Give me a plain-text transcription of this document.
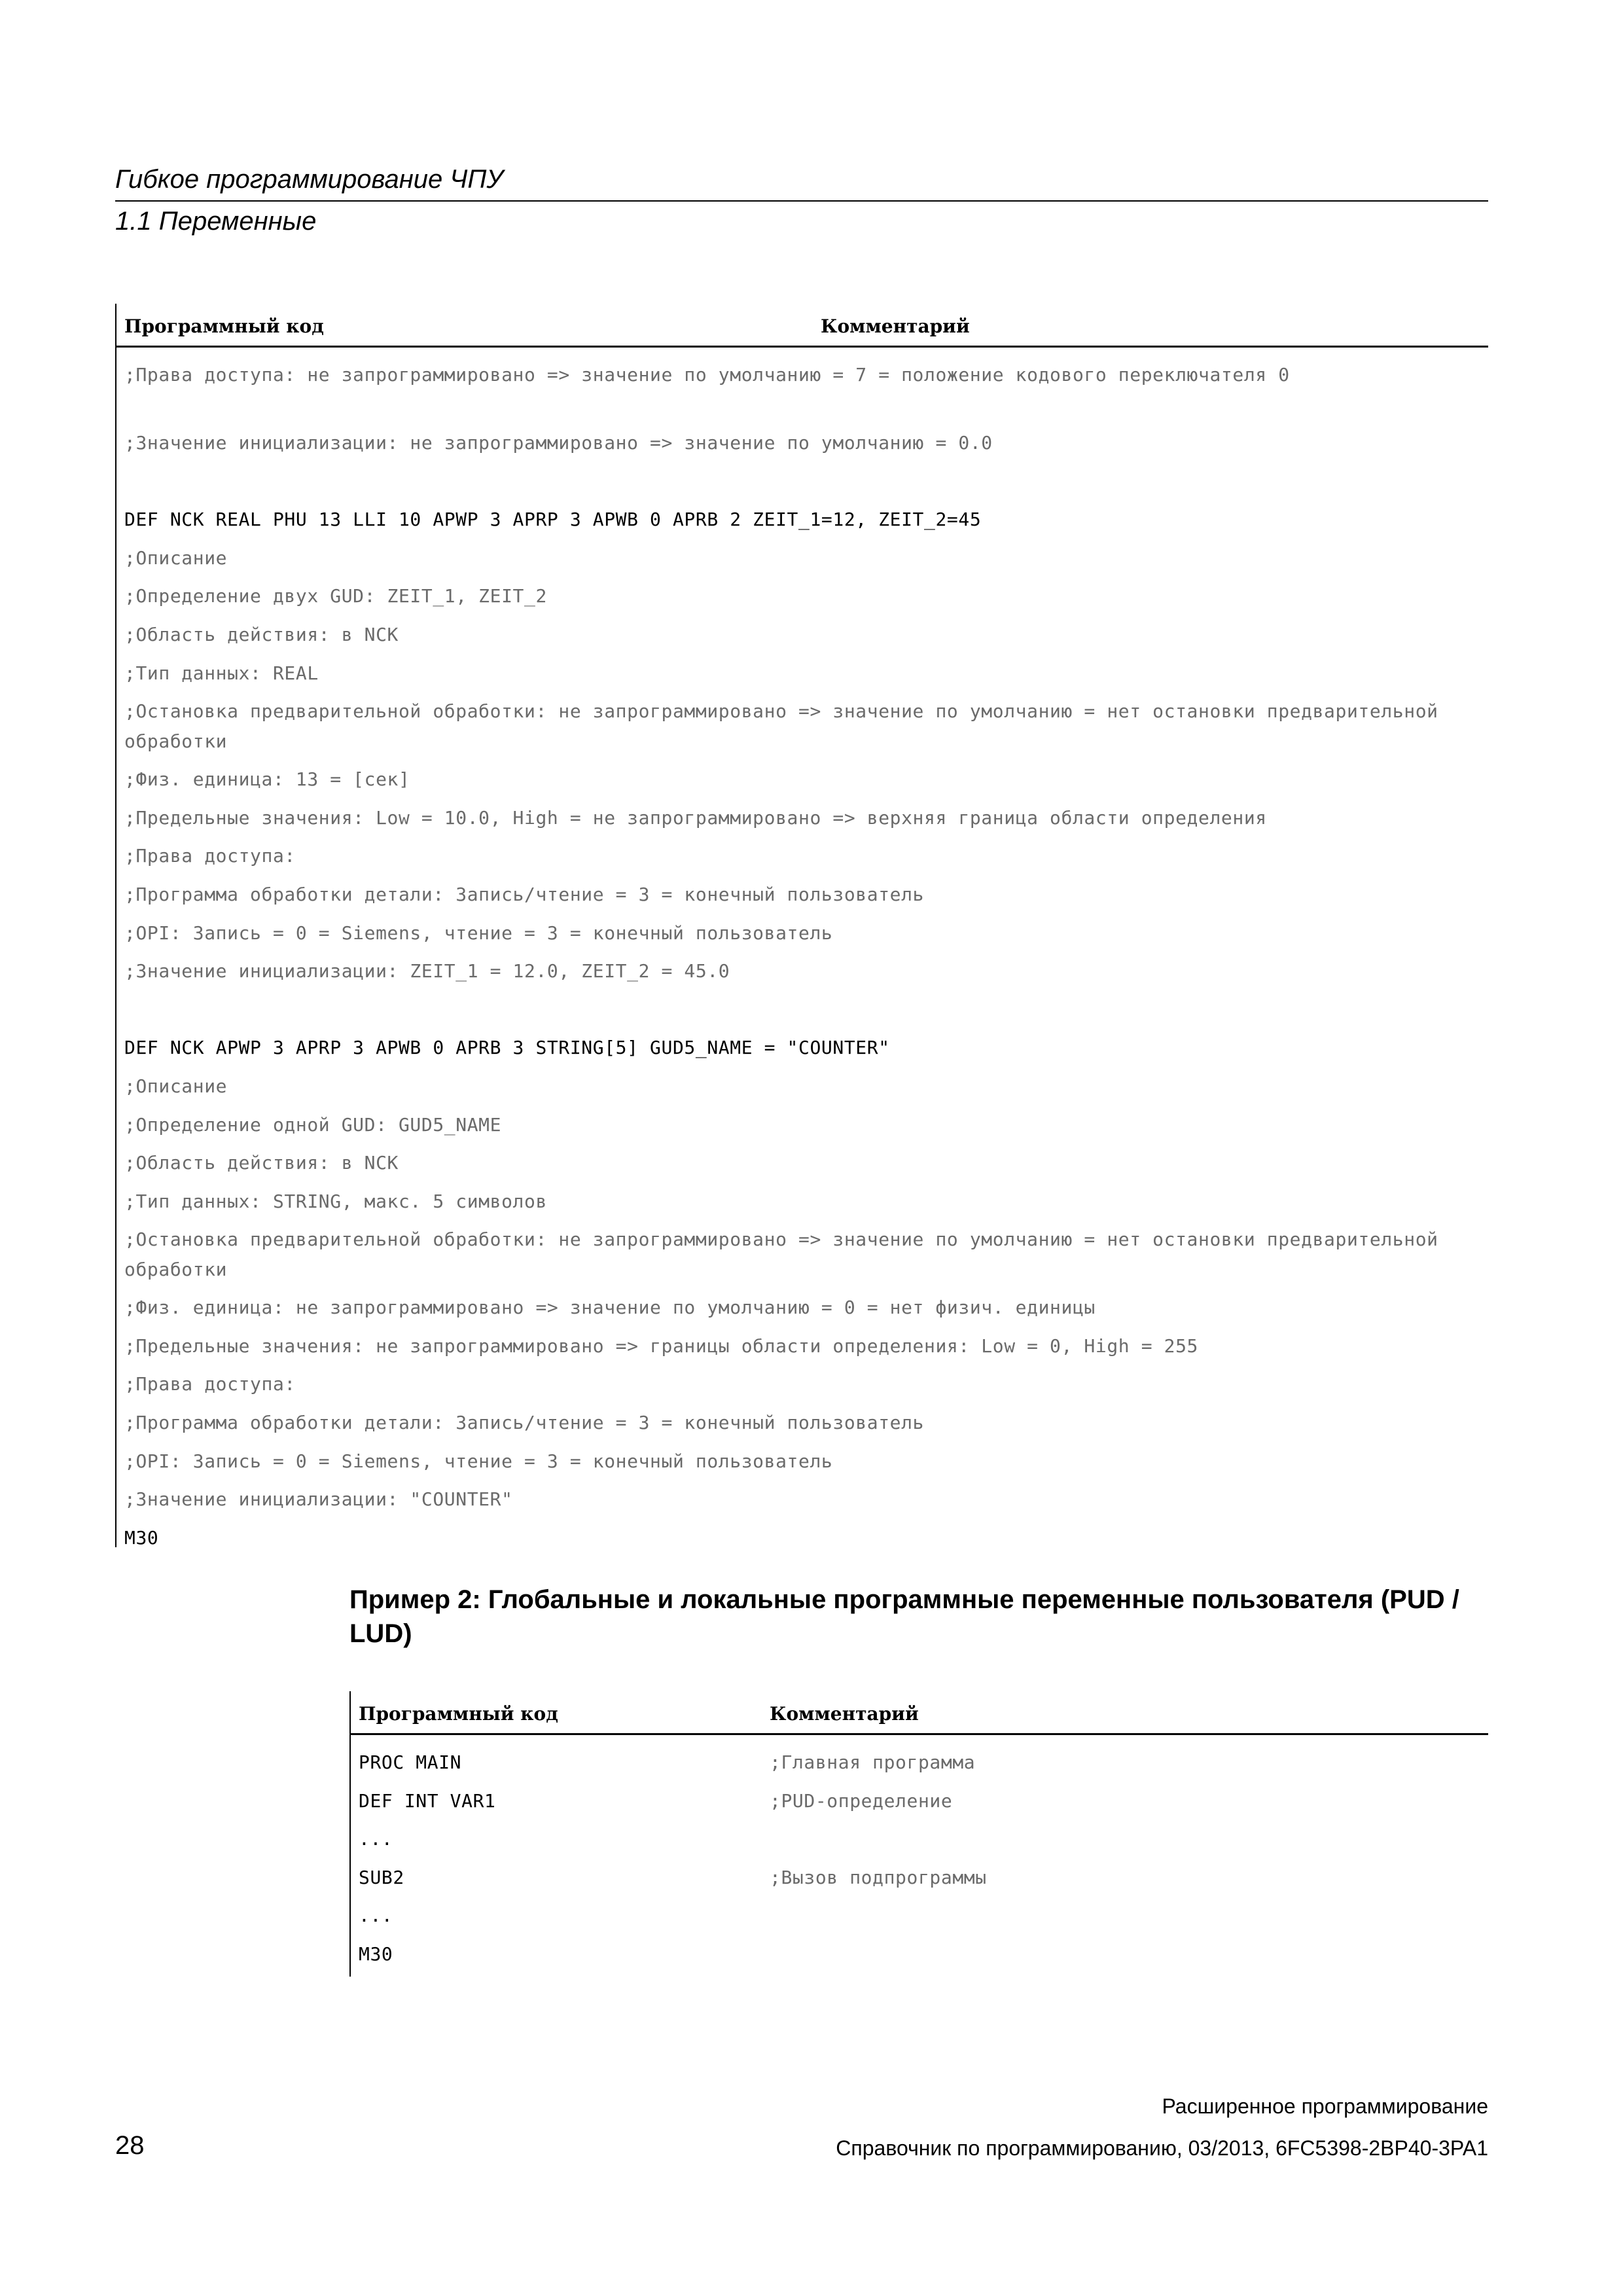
Гибкое программирование ЧПУ
1.1 Переменные
Программный код	Комментарий
;Права доступа: не запрограммировано => значение по умолчанию = 7 = положение кодового переключателя 0
;Значение инициализации: не запрограммировано => значение по умолчанию = 0.0
DEF NCK REAL PHU 13 LLI 10 APWP 3 APRP 3 APWB 0 APRB 2 ZEIT_1=12, ZEIT_2=45
;Описание
;Определение двух GUD: ZEIT_1, ZEIT_2
;Область действия: в NCK
;Тип данных: REAL
;Остановка предварительной обработки: не запрограммировано => значение по умолчанию = нет остановки предварительной обработки
;Физ. единица: 13 = [сек]
;Предельные значения: Low = 10.0, High = не запрограммировано => верхняя граница области определения
;Права доступа:
;Программа обработки детали: Запись/чтение = 3 = конечный пользователь
;OPI: Запись = 0 = Siemens, чтение = 3 = конечный пользователь
;Значение инициализации: ZEIT_1 = 12.0, ZEIT_2 = 45.0
DEF NCK APWP 3 APRP 3 APWB 0 APRB 3 STRING[5] GUD5_NAME = "COUNTER"
;Описание
;Определение одной GUD: GUD5_NAME
;Область действия: в NCK
;Тип данных: STRING, макс. 5 символов
;Остановка предварительной обработки: не запрограммировано => значение по умолчанию = нет остановки предварительной обработки
;Физ. единица: не запрограммировано => значение по умолчанию = 0 = нет физич. единицы
;Предельные значения: не запрограммировано => границы области определения: Low = 0, High = 255
;Права доступа:
;Программа обработки детали: Запись/чтение = 3 = конечный пользователь
;OPI: Запись = 0 = Siemens, чтение = 3 = конечный пользователь
;Значение инициализации: "COUNTER"
M30
Пример 2: Глобальные и локальные программные переменные пользователя (PUD / LUD)
Программный код	Комментарий
PROC MAIN	;Главная программа
DEF INT VAR1	;PUD-определение
...
SUB2	;Вызов подпрограммы
...
M30
Расширенное программирование
28	Справочник по программированию, 03/2013, 6FC5398-2BP40-3PA1
